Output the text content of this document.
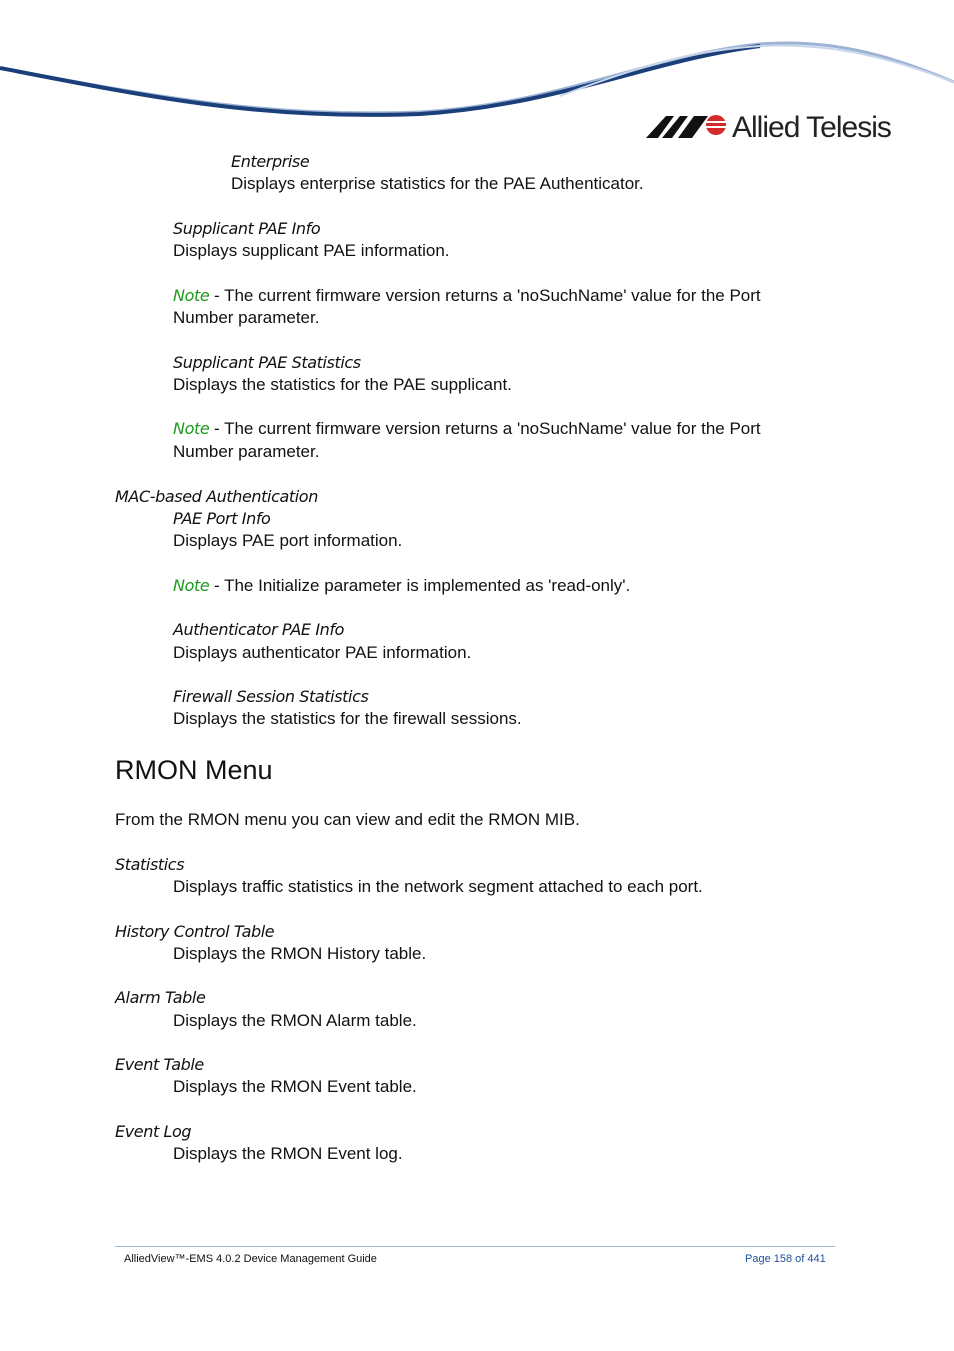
Allied Telesis
Enterprise
Displays enterprise statistics for the PAE Authenticator.
Supplicant PAE Info
Displays supplicant PAE information.
Note - The current firmware version returns a 'noSuchName' value for the Port
Number parameter.
Supplicant PAE Statistics
Displays the statistics for the PAE supplicant.
Note - The current firmware version returns a 'noSuchName' value for the Port
Number parameter.
MAC-based Authentication
PAE Port Info
Displays PAE port information.
Note - The Initialize parameter is implemented as 'read-only'.
Authenticator PAE Info
Displays authenticator PAE information.
Firewall Session Statistics
Displays the statistics for the firewall sessions.
RMON Menu
From the RMON menu you can view and edit the RMON MIB.
Statistics
Displays traffic statistics in the network segment attached to each port.
History Control Table
Displays the RMON History table.
Alarm Table
Displays the RMON Alarm table.
Event Table
Displays the RMON Event table.
Event Log
Displays the RMON Event log.
AlliedView™-EMS 4.0.2 Device Management Guide	Page 158 of 441
